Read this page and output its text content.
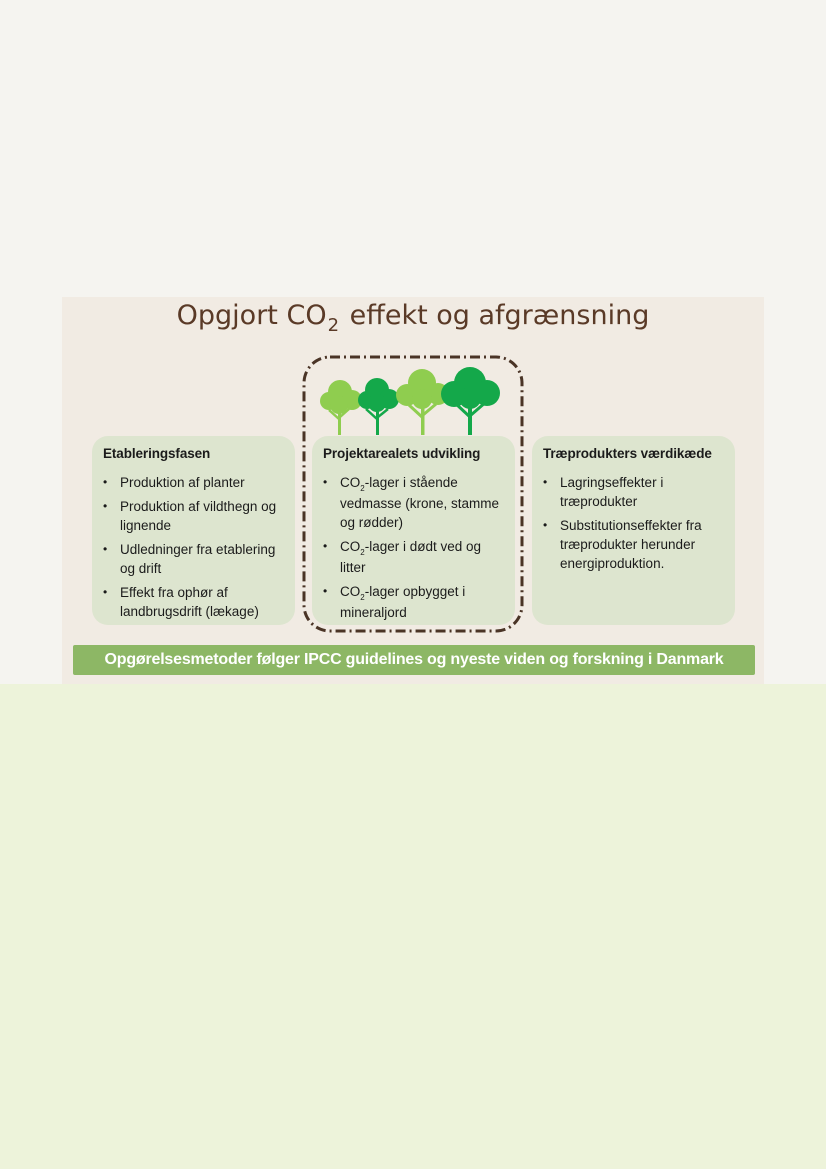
Opgjort $CO_2$ effekt og afgrænsning
Etableringsfasen
• Produktion af planter
• Produktion af vildthegn og lignende
• Udledninger fra etablering og drift
• Effekt fra ophør af landbrugsdrift (lækage)
Projektarealets udvikling
• $CO_2$-lager i stående vedmasse (krone, stamme og rødder)
• $CO_2$-lager i dødt ved og litter
• $CO_2$-lager opbygget i mineraljord
Træprodukters værdikæde
• Lagringseffekter i træprodukter
• Substitutionseffekter fra træprodukter herunder energiproduktion.
Opgørelsesmetoder følger IPCC guidelines og nyeste viden og forskning i Danmark
